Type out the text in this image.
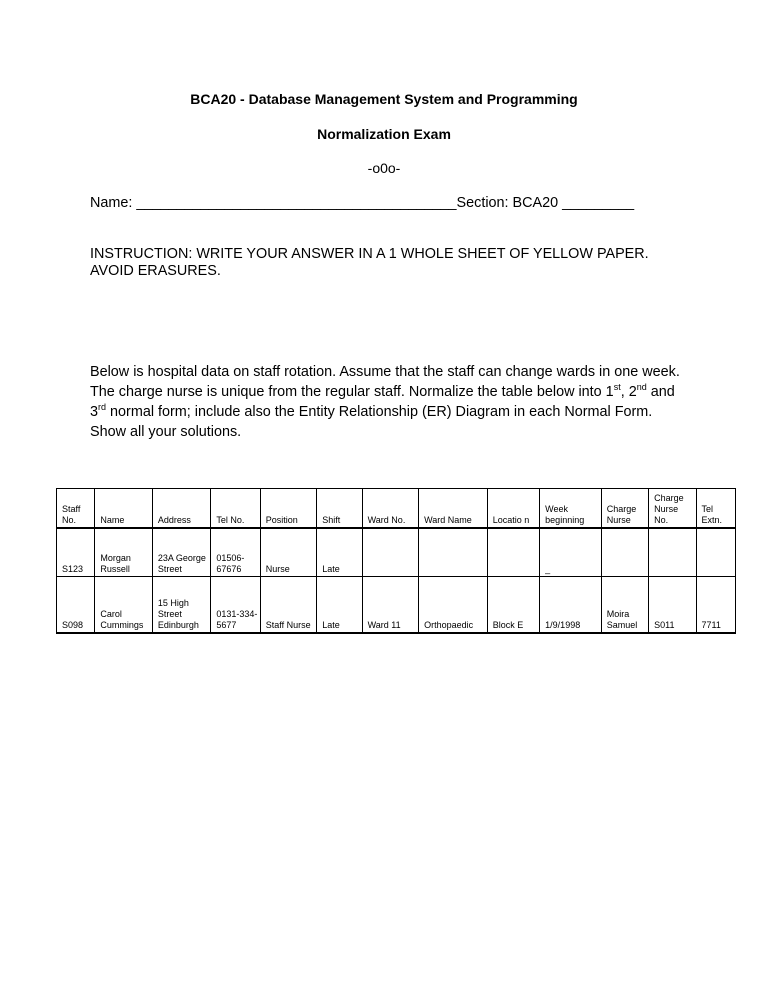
BCA20 - Database Management System and Programming
Normalization Exam
-o0o-
Name: ________________________________________Section: BCA20 _________
INSTRUCTION: WRITE YOUR ANSWER IN A 1 WHOLE SHEET OF YELLOW PAPER. AVOID ERASURES.
Below is hospital data on staff rotation. Assume that the staff can change wards in one week. The charge nurse is unique from the regular staff. Normalize the table below into 1st, 2nd and 3rd normal form; include also the Entity Relationship (ER) Diagram in each Normal Form. Show all your solutions.
Staff No.	Name	Address	Tel No.	Position	Shift	Ward No.	Ward Name	Locatio n	Week beginning	Charge Nurse	Charge Nurse No.	Tel Extn.
S123	Morgan Russell	23A George Street	01506-67676	Nurse	Late				_			
S098	Carol Cummings	15 High Street Edinburgh	0131-334-5677	Staff Nurse	Late	Ward 11	Orthopaedic	Block E	1/9/1998	Moira Samuel	S011	7711
